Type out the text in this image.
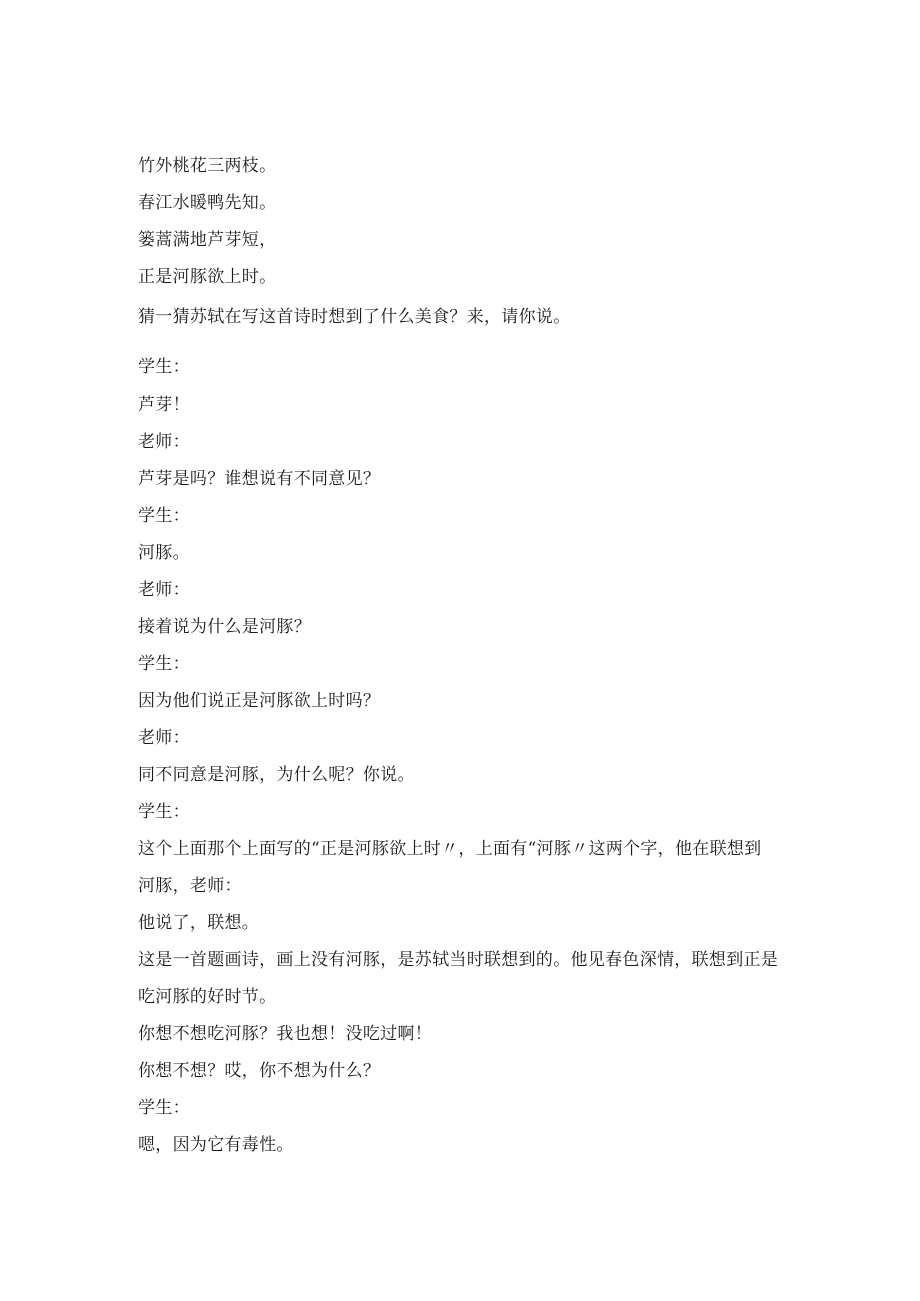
竹外桃花三两枝。
春江水暖鸭先知。
篓蒿满地芦芽短，
正是河豚欲上时。
猜一猜苏轼在写这首诗时想到了什么美食？来，请你说。
学生：
芦芽！
老师：
芦芽是吗？谁想说有不同意见？
学生：
河豚。
老师：
接着说为什么是河豚？
学生：
因为他们说正是河豚欲上时吗？
老师：
同不同意是河豚，为什么呢？你说。
学生：
这个上面那个上面写的“正是河豚欲上时〃，上面有“河豚〃这两个字，他在联想到
河豚，老师：
他说了，联想。
这是一首题画诗，画上没有河豚，是苏轼当时联想到的。他见春色深情，联想到正是
吃河豚的好时节。
你想不想吃河豚？我也想！没吃过啊！
你想不想？哎，你不想为什么？
学生：
嗯，因为它有毒性。
